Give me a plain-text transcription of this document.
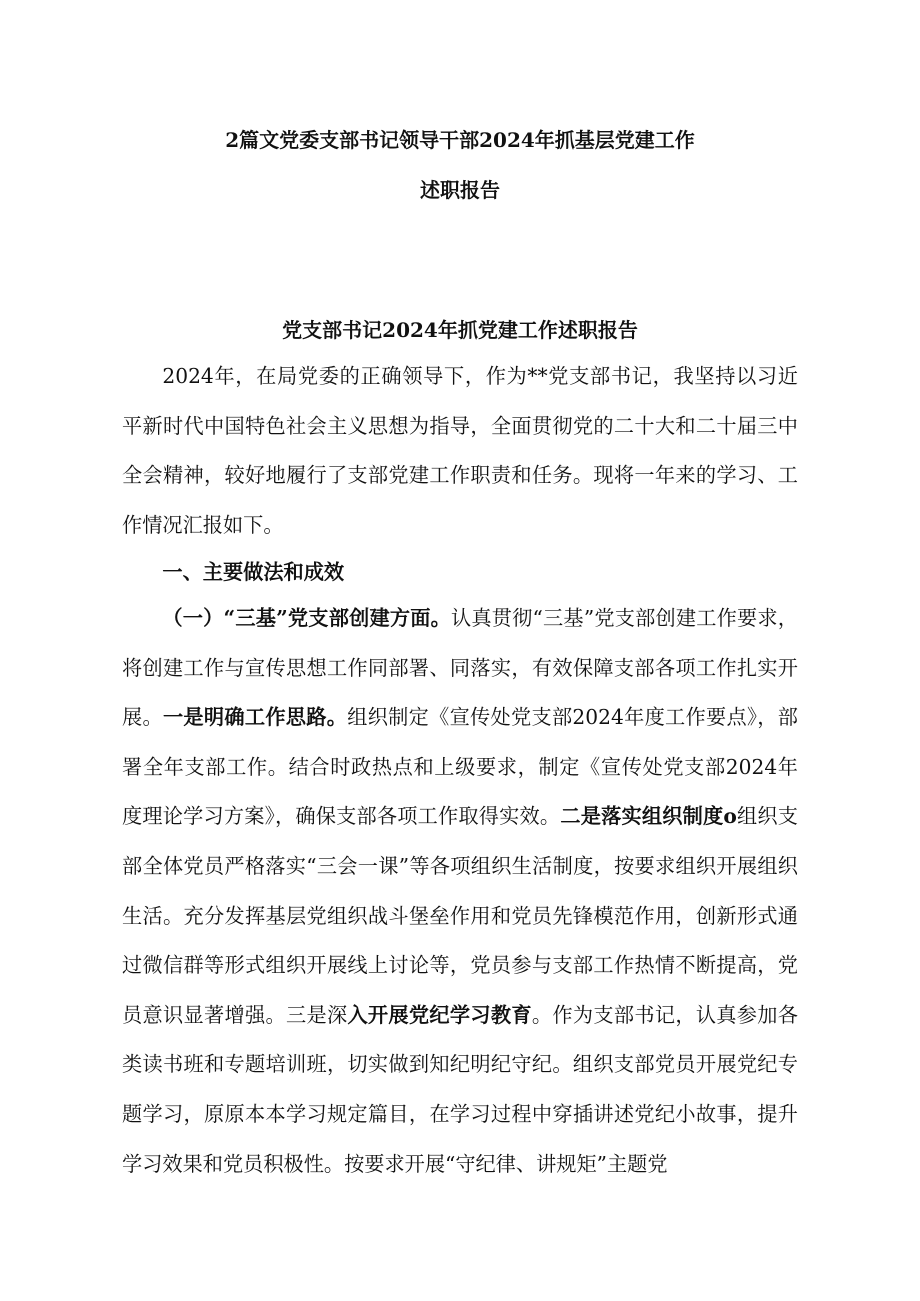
2篇文党委支部书记领导干部2024年抓基层党建工作
述职报告
党支部书记2024年抓党建工作述职报告
2024年，在局党委的正确领导下，作为**党支部书记，我坚持以习近平新时代中国特色社会主义思想为指导，全面贯彻党的二十大和二十届三中全会精神，较好地履行了支部党建工作职责和任务。现将一年来的学习、工作情况汇报如下。
一、主要做法和成效
（一）“三基”党支部创建方面。认真贯彻“三基”党支部创建工作要求，将创建工作与宣传思想工作同部署、同落实，有效保障支部各项工作扎实开展。一是明确工作思路。组织制定《宣传处党支部2024年度工作要点》，部署全年支部工作。结合时政热点和上级要求，制定《宣传处党支部2024年度理论学习方案》，确保支部各项工作取得实效。二是落实组织制度o组织支部全体党员严格落实“三会一课”等各项组织生活制度，按要求组织开展组织生活。充分发挥基层党组织战斗堡垒作用和党员先锋模范作用，创新形式通过微信群等形式组织开展线上讨论等，党员参与支部工作热情不断提高，党员意识显著增强。三是深入开展党纪学习教育。作为支部书记，认真参加各类读书班和专题培训班，切实做到知纪明纪守纪。组织支部党员开展党纪专题学习，原原本本学习规定篇目，在学习过程中穿插讲述党纪小故事，提升学习效果和党员积极性。按要求开展“守纪律、讲规矩”主题党
